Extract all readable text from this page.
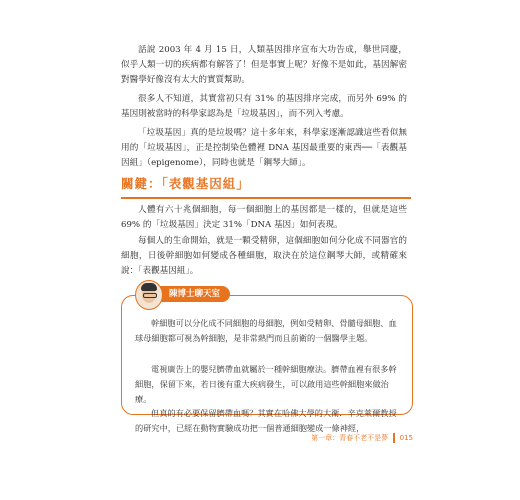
話說 2003 年 4 月 15 日，人類基因排序宣布大功告成，舉世同慶，似乎人類一切的疾病都有解答了！但是事實上呢？好像不是如此，基因解密對醫學好像沒有太大的實質幫助。

很多人不知道，其實當初只有 31% 的基因排序完成，而另外 69% 的基因則被當時的科學家認為是「垃圾基因」，而不列入考慮。

「垃圾基因」真的是垃圾嗎？這十多年來，科學家逐漸認識這些看似無用的「垃圾基因」，正是控制染色體裡 DNA 基因最重要的東西──「表觀基因組」（epigenome），同時也就是「鋼琴大師」。

關鍵：「表觀基因組」

人體有六十兆個細胞，每一個細胞上的基因都是一樣的，但就是這些 69% 的「垃圾基因」決定 31%「DNA 基因」如何表現。

每個人的生命開始，就是一顆受精卵，這個細胞如何分化成不同器官的細胞，日後幹細胞如何變成各種細胞，取決在於這位鋼琴大師，或精確來說：「表觀基因組」。

陳博士聊天室

幹細胞可以分化成不同細胞的母細胞，例如受精卵、骨髓母細胞、血球母細胞都可視為幹細胞，是非常熱門而且前衛的一個醫學主題。

電視廣告上的嬰兒臍帶血就屬於一種幹細胞療法。臍帶血裡有很多幹細胞，保留下來，若日後有重大疾病發生，可以啟用這些幹細胞來做治療。

但真的有必要保留臍帶血嗎？其實在哈佛大學的大衛．辛克萊爾教授的研究中，已經在動物實驗成功把一個普通細胞變成一條神經，

第一章：青春不老不是夢 015
